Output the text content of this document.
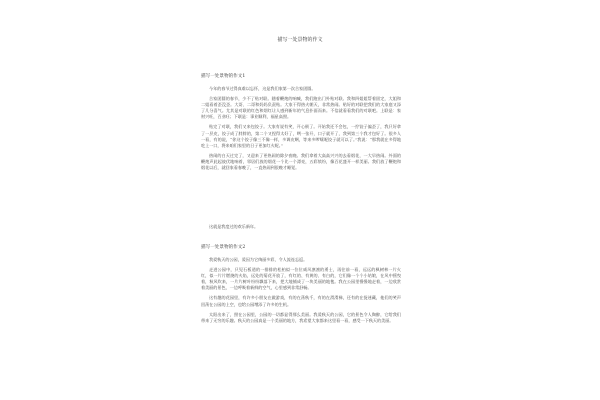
描写一处景物的作文

描写一处景物的作文1

今年的春节过得真难以忘怀，这是我们家第一次合家团圆。

合家团圆的春节，少不了贴对联。随着鞭炮的响喊，我们跑出门外贴对联。我和四姐姐帮着固定，大姐和二姐看着歪没歪。大哥、二哥和妈妈负责贴。大家干得热火朝天，非常热闹。贴好的对联把我们的大家庭又添了几分喜气。尤其是对联的红色和烟红让人感到新年的气息扑面而来。不信就看看我们的对联吧。上联是：家财兴旺，百业旺；下联是：事业顺利，福星高照。

贴完了对联，我们又来包饺子。大家有说有笑，开心极了。开始我还不会包，一拧饺子偏歪了，我只好拿了一层皮，饺子成了胖胖的，第二个又捏得太好了，咧一张开，口子就开了，我到第三个我才包好了。很多人一看，有的说，“你这个饺子像三不像一样，多调皮啊，等来多啰嗦呢饺子就可以了。”我说：“那我就在多得地吃上一口，将来咱们家里的日子更加红火呢。”

热闹的白天过完了，又迎来了更热闹的除夕夜晚。我们拿着大高高兴兴的去看烟花，一大早热闹。外面的鞭炮声此起彼伏地响着，邻居们放的烟花一个比一个漂亮，五彩缤纷，像百花盛开一样美丽。我们放了鞭炮和烟花以后，就回家看春晚了，一直热闹到很晚才睡觉。

这就是我度过的欢乐新年。

描写一处景物的作文2

我爱秋天的公园，爱因为它绚丽多彩，令人流连忘返。

走进公园中，只见石板道的一排排的松柏似一位位威风凛凛的勇士，再往前一看，远远的枫树林一片火红，似一片片燃烧的火焰，远处的菊花开放了，有红的、有黄的、有白的，它们像一个个小姑娘，在风中摇曳着，秋风吹来，一片片树叶纷纷飘落下来，把大地铺成了一块美丽的地毯。我在公园里慢慢地走着，一边欣赏着美丽的景色，一边呼吸着新鲜的空气，心里感到非常舒畅。

这有趣的花园里，有许多小朋友在做游戏，有的在荡秋千，有的在滑滑梯，还有的在捉迷藏，他们的笑声回荡在公园的上空，也给公园增添了许多的生机。

太阳出来了，照在公园里，公园的一切都显得那么美丽。我爱秋天的公园，它的景色令人陶醉，它给我们带来了无穷的乐趣。秋天的公园真是一个美丽的地方，我希望大家都来这里看一看，感受一下秋天的美丽。
